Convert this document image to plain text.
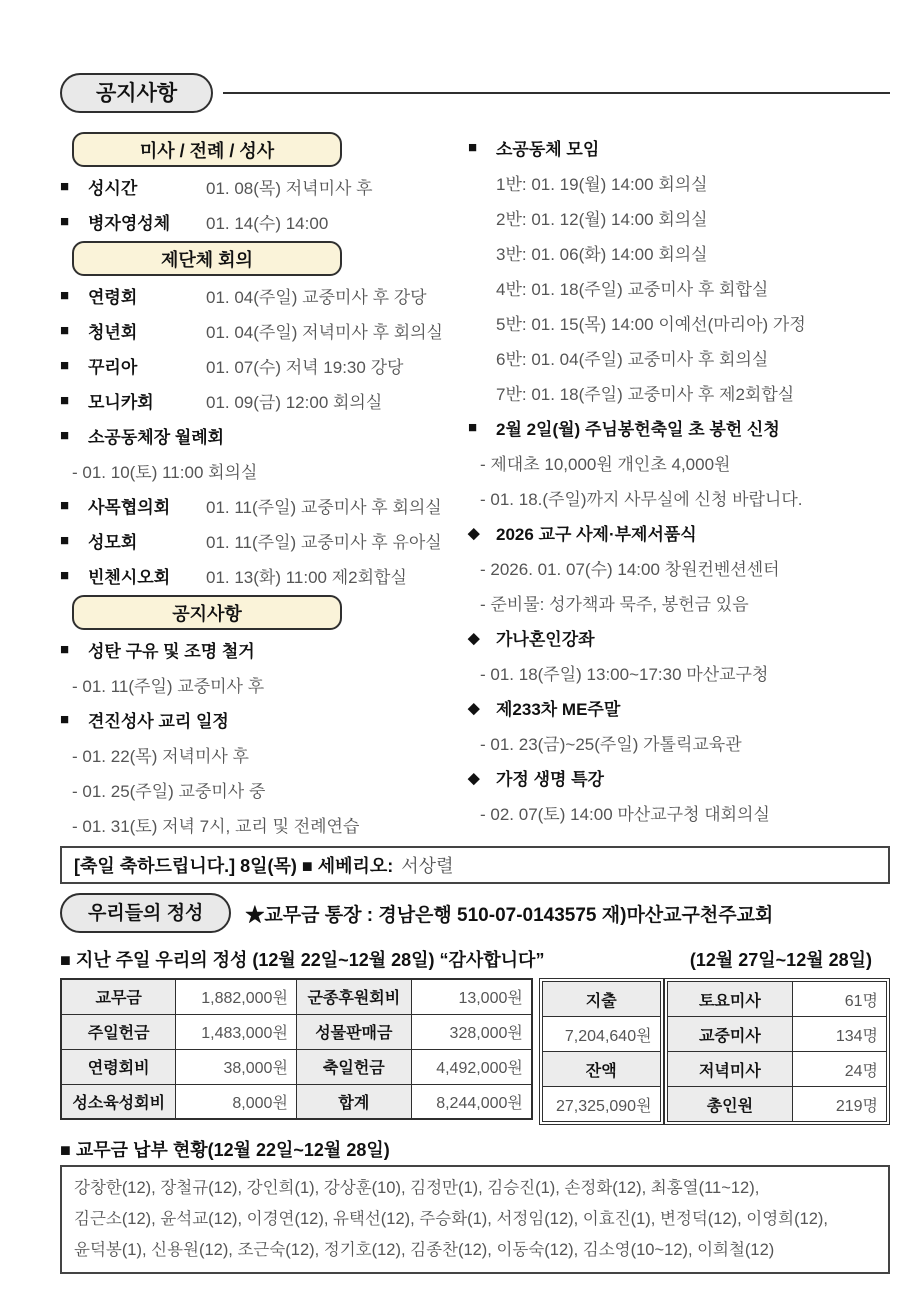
공지사항
미사 / 전례 / 성사
■	성시간	01. 08(목) 저녁미사 후
■	병자영성체	01. 14(수) 14:00
제단체 회의
■	연령회	01. 04(주일) 교중미사 후 강당
■	청년회	01. 04(주일) 저녁미사 후 회의실
■	꾸리아	01. 07(수) 저녁 19:30 강당
■	모니카회	01. 09(금) 12:00 회의실
■	소공동체장 월례회
- 01. 10(토) 11:00 회의실
■	사목협의회	01. 11(주일) 교중미사 후 회의실
■	성모회	01. 11(주일) 교중미사 후 유아실
■	빈첸시오회	01. 13(화) 11:00 제2회합실
공지사항
■	성탄 구유 및 조명 철거
- 01. 11(주일) 교중미사 후
■	견진성사 교리 일정
- 01. 22(목) 저녁미사 후
- 01. 25(주일) 교중미사 중
- 01. 31(토) 저녁 7시, 교리 및 전례연습
■	소공동체 모임
1반: 01. 19(월) 14:00 회의실
2반: 01. 12(월) 14:00 회의실
3반: 01. 06(화) 14:00 회의실
4반: 01. 18(주일) 교중미사 후 회합실
5반: 01. 15(목) 14:00 이예선(마리아) 가정
6반: 01. 04(주일) 교중미사 후 회의실
7반: 01. 18(주일) 교중미사 후 제2회합실
■	2월 2일(월) 주님봉헌축일 초 봉헌 신청
- 제대초 10,000원 개인초 4,000원
- 01. 18.(주일)까지 사무실에 신청 바랍니다.
◆ 2026 교구 사제·부제서품식
- 2026. 01. 07(수) 14:00 창원컨벤션센터
- 준비물: 성가책과 묵주, 봉헌금 있음
◆ 가나혼인강좌
- 01. 18(주일) 13:00~17:30 마산교구청
◆ 제233차 ME주말
- 01. 23(금)~25(주일) 가톨릭교육관
◆ 가정 생명 특강
- 02. 07(토) 14:00 마산교구청 대회의실
[축일 축하드립니다.] 8일(목) ■ 세베리오: 서상렬
우리들의 정성	★교무금 통장 : 경남은행 510-07-0143575 재)마산교구천주교회
■ 지난 주일 우리의 정성 (12월 22일~12월 28일) “감사합니다”	(12월 27일~12월 28일)
교무금	1,882,000원	군종후원회비	13,000원
주일헌금	1,483,000원	성물판매금	328,000원
연령회비	38,000원	축일헌금	4,492,000원
성소육성회비	8,000원	합계	8,244,000원
지출
7,204,640원
잔액
27,325,090원
토요미사	61명
교중미사	134명
저녁미사	24명
총인원	219명
■ 교무금 납부 현황(12월 22일~12월 28일)
강창한(12), 장철규(12), 강인희(1), 강상훈(10), 김정만(1), 김승진(1), 손정화(12), 최홍열(11~12),
김근소(12), 윤석교(12), 이경연(12), 유택선(12), 주승화(1), 서정임(12), 이효진(1), 변정덕(12), 이영희(12),
윤덕봉(1), 신용원(12), 조근숙(12), 정기호(12), 김종찬(12), 이동숙(12), 김소영(10~12), 이희철(12)
